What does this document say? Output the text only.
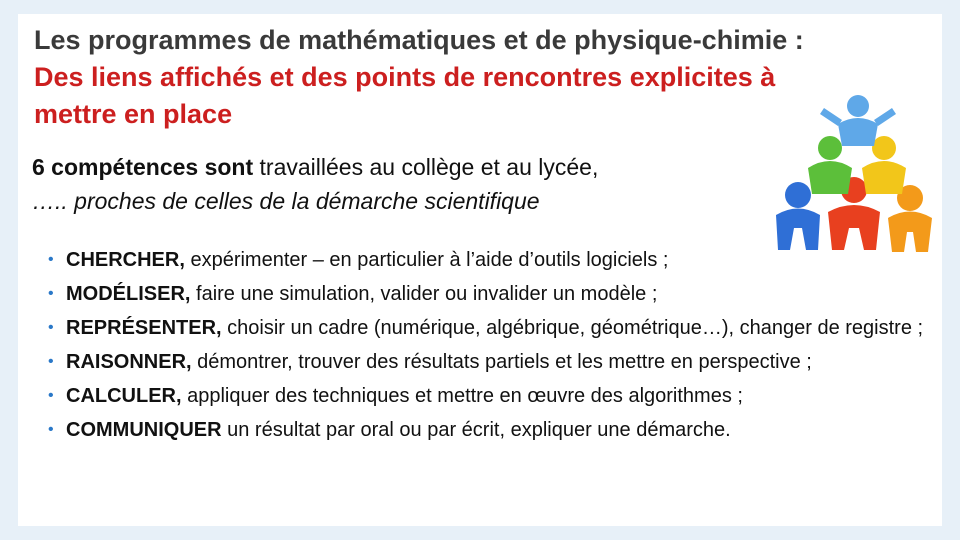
Les programmes de mathématiques et de physique-chimie : Des liens affichés et des points de rencontres explicites à mettre en place
6 compétences sont travaillées au collège et au lycée,
….. proches de celles de la démarche scientifique
• CHERCHER, expérimenter – en particulier à l’aide d’outils logiciels ;
• MODÉLISER, faire une simulation, valider ou invalider un modèle ;
• REPRÉSENTER, choisir un cadre (numérique, algébrique, géométrique…), changer de registre ;
• RAISONNER, démontrer, trouver des résultats partiels et les mettre en perspective ;
• CALCULER, appliquer des techniques et mettre en œuvre des algorithmes ;
• COMMUNIQUER un résultat par oral ou par écrit, expliquer une démarche.
